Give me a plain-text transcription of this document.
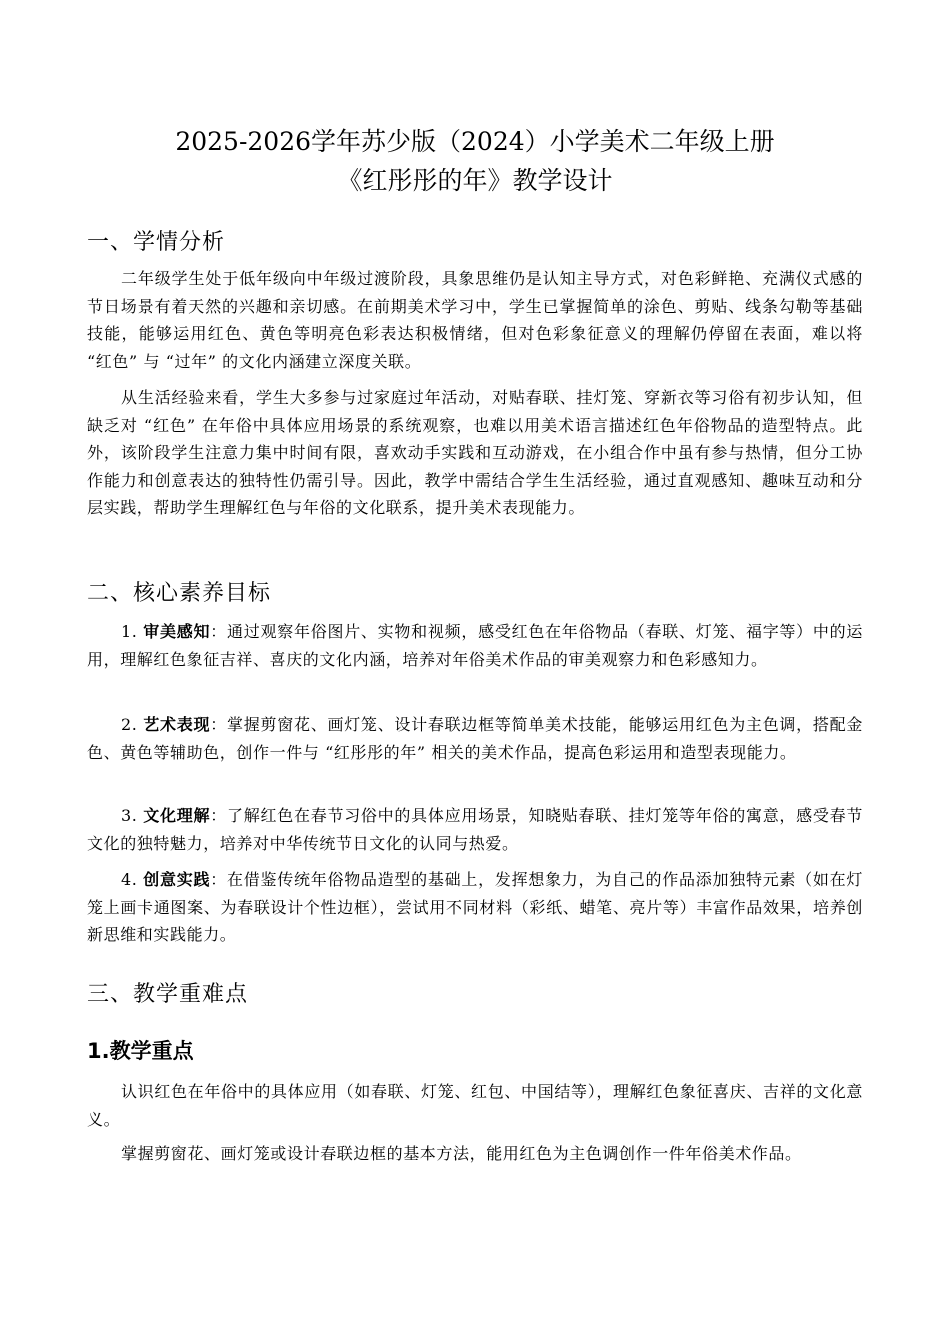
2025-2026学年苏少版（2024）小学美术二年级上册

《红彤彤的年》教学设计

一、学情分析

二年级学生处于低年级向中年级过渡阶段，具象思维仍是认知主导方式，对色彩鲜艳、充满仪式感的节日场景有着天然的兴趣和亲切感。在前期美术学习中，学生已掌握简单的涂色、剪贴、线条勾勒等基础技能，能够运用红色、黄色等明亮色彩表达积极情绪，但对色彩象征意义的理解仍停留在表面，难以将 “红色” 与 “过年” 的文化内涵建立深度关联。

从生活经验来看，学生大多参与过家庭过年活动，对贴春联、挂灯笼、穿新衣等习俗有初步认知，但缺乏对 “红色” 在年俗中具体应用场景的系统观察，也难以用美术语言描述红色年俗物品的造型特点。此外，该阶段学生注意力集中时间有限，喜欢动手实践和互动游戏，在小组合作中虽有参与热情，但分工协作能力和创意表达的独特性仍需引导。因此，教学中需结合学生生活经验，通过直观感知、趣味互动和分层实践，帮助学生理解红色与年俗的文化联系，提升美术表现能力。

二、核心素养目标

1. 审美感知：通过观察年俗图片、实物和视频，感受红色在年俗物品（春联、灯笼、福字等）中的运用，理解红色象征吉祥、喜庆的文化内涵，培养对年俗美术作品的审美观察力和色彩感知力。

2. 艺术表现：掌握剪窗花、画灯笼、设计春联边框等简单美术技能，能够运用红色为主色调，搭配金色、黄色等辅助色，创作一件与 “红彤彤的年” 相关的美术作品，提高色彩运用和造型表现能力。

3. 文化理解：了解红色在春节习俗中的具体应用场景，知晓贴春联、挂灯笼等年俗的寓意，感受春节文化的独特魅力，培养对中华传统节日文化的认同与热爱。

4. 创意实践：在借鉴传统年俗物品造型的基础上，发挥想象力，为自己的作品添加独特元素（如在灯笼上画卡通图案、为春联设计个性边框），尝试用不同材料（彩纸、蜡笔、亮片等）丰富作品效果，培养创新思维和实践能力。

三、教学重难点
1.教学重点

认识红色在年俗中的具体应用（如春联、灯笼、红包、中国结等），理解红色象征喜庆、吉祥的文化意义。

掌握剪窗花、画灯笼或设计春联边框的基本方法，能用红色为主色调创作一件年俗美术作品。
